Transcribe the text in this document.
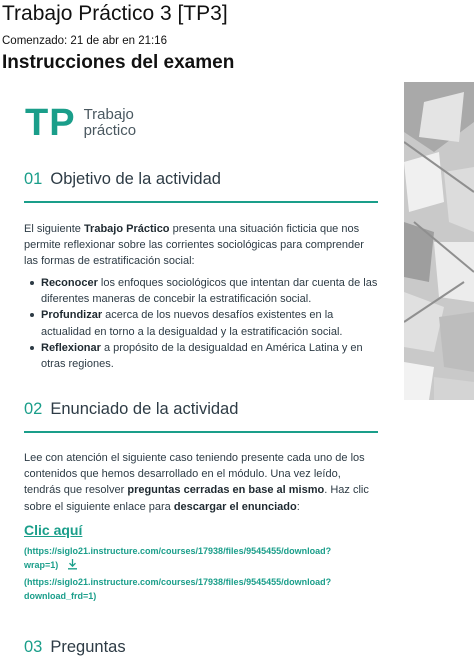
Trabajo Práctico 3 [TP3]
Comenzado: 21 de abr en 21:16
Instrucciones del examen
TP Trabajo
práctico
01 Objetivo de la actividad

El siguiente Trabajo Práctico presenta una situación ficticia que nos permite reflexionar sobre las corrientes sociológicas para comprender las formas de estratificación social:

Reconocer los enfoques sociológicos que intentan dar cuenta de las diferentes maneras de concebir la estratificación social.
Profundizar acerca de los nuevos desafíos existentes en la actualidad en torno a la desigualdad y la estratificación social.
Reflexionar a propósito de la desigualdad en América Latina y en otras regiones.
02 Enunciado de la actividad

Lee con atención el siguiente caso teniendo presente cada uno de los contenidos que hemos desarrollado en el módulo. Una vez leído, tendrás que resolver preguntas cerradas en base al mismo. Haz clic sobre el siguiente enlace para descargar el enunciado:

Clic aquí
(https://siglo21.instructure.com/courses/17938/files/9545455/download?
wrap=1)
(https://siglo21.instructure.com/courses/17938/files/9545455/download?
download_frd=1)
03 Preguntas
